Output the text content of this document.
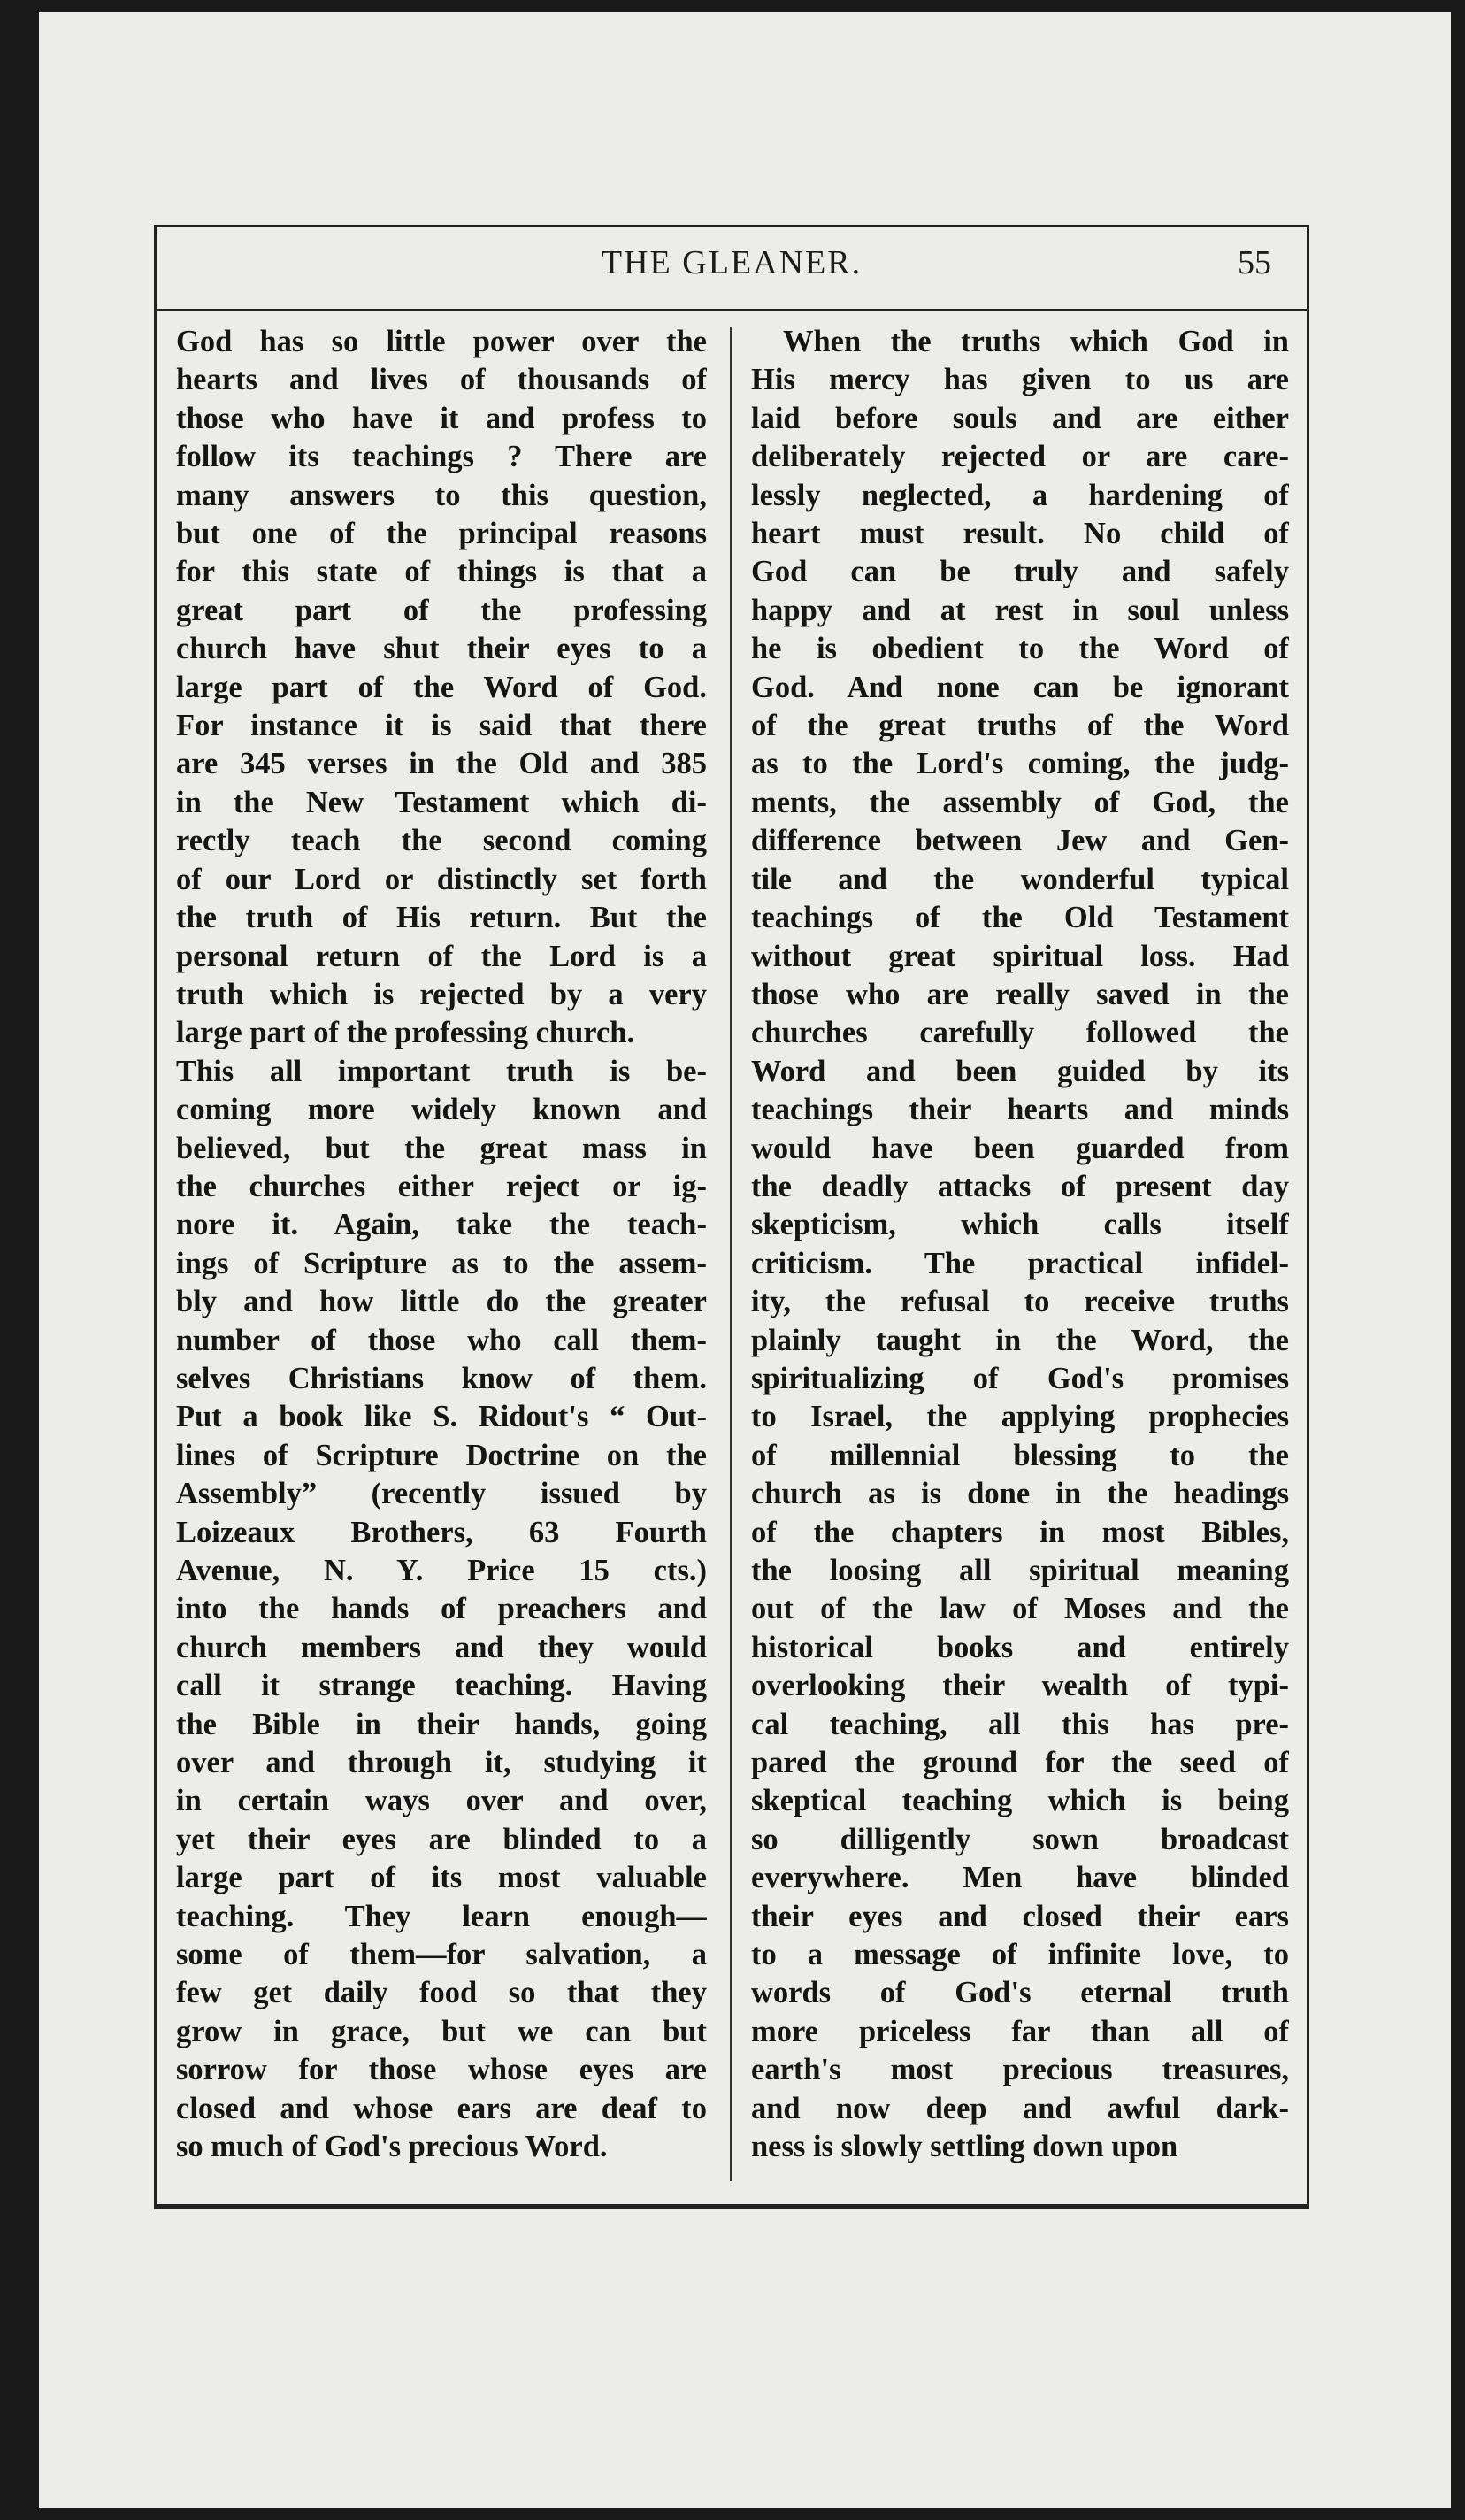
THE GLEANER.	55
God has so little power over the
hearts and lives of thousands of
those who have it and profess to
follow its teachings ? There are
many answers to this question,
but one of the principal reasons
for this state of things is that a
great part of the professing
church have shut their eyes to a
large part of the Word of God.
For instance it is said that there
are 345 verses in the Old and 385
in the New Testament which di-
rectly teach the second coming
of our Lord or distinctly set forth
the truth of His return. But the
personal return of the Lord is a
truth which is rejected by a very
large part of the professing church.
This all important truth is be-
coming more widely known and
believed, but the great mass in
the churches either reject or ig-
nore it. Again, take the teach-
ings of Scripture as to the assem-
bly and how little do the greater
number of those who call them-
selves Christians know of them.
Put a book like S. Ridout's “ Out-
lines of Scripture Doctrine on the
Assembly” (recently issued by
Loizeaux Brothers, 63 Fourth
Avenue, N. Y. Price 15 cts.)
into the hands of preachers and
church members and they would
call it strange teaching. Having
the Bible in their hands, going
over and through it, studying it
in certain ways over and over,
yet their eyes are blinded to a
large part of its most valuable
teaching. They learn enough—
some of them—for salvation, a
few get daily food so that they
grow in grace, but we can but
sorrow for those whose eyes are
closed and whose ears are deaf to
so much of God's precious Word.
When the truths which God in
His mercy has given to us are
laid before souls and are either
deliberately rejected or are care-
lessly neglected, a hardening of
heart must result. No child of
God can be truly and safely
happy and at rest in soul unless
he is obedient to the Word of
God. And none can be ignorant
of the great truths of the Word
as to the Lord's coming, the judg-
ments, the assembly of God, the
difference between Jew and Gen-
tile and the wonderful typical
teachings of the Old Testament
without great spiritual loss. Had
those who are really saved in the
churches carefully followed the
Word and been guided by its
teachings their hearts and minds
would have been guarded from
the deadly attacks of present day
skepticism, which calls itself
criticism. The practical infidel-
ity, the refusal to receive truths
plainly taught in the Word, the
spiritualizing of God's promises
to Israel, the applying prophecies
of millennial blessing to the
church as is done in the headings
of the chapters in most Bibles,
the loosing all spiritual meaning
out of the law of Moses and the
historical books and entirely
overlooking their wealth of typi-
cal teaching, all this has pre-
pared the ground for the seed of
skeptical teaching which is being
so dilligently sown broadcast
everywhere. Men have blinded
their eyes and closed their ears
to a message of infinite love, to
words of God's eternal truth
more priceless far than all of
earth's most precious treasures,
and now deep and awful dark-
ness is slowly settling down upon
